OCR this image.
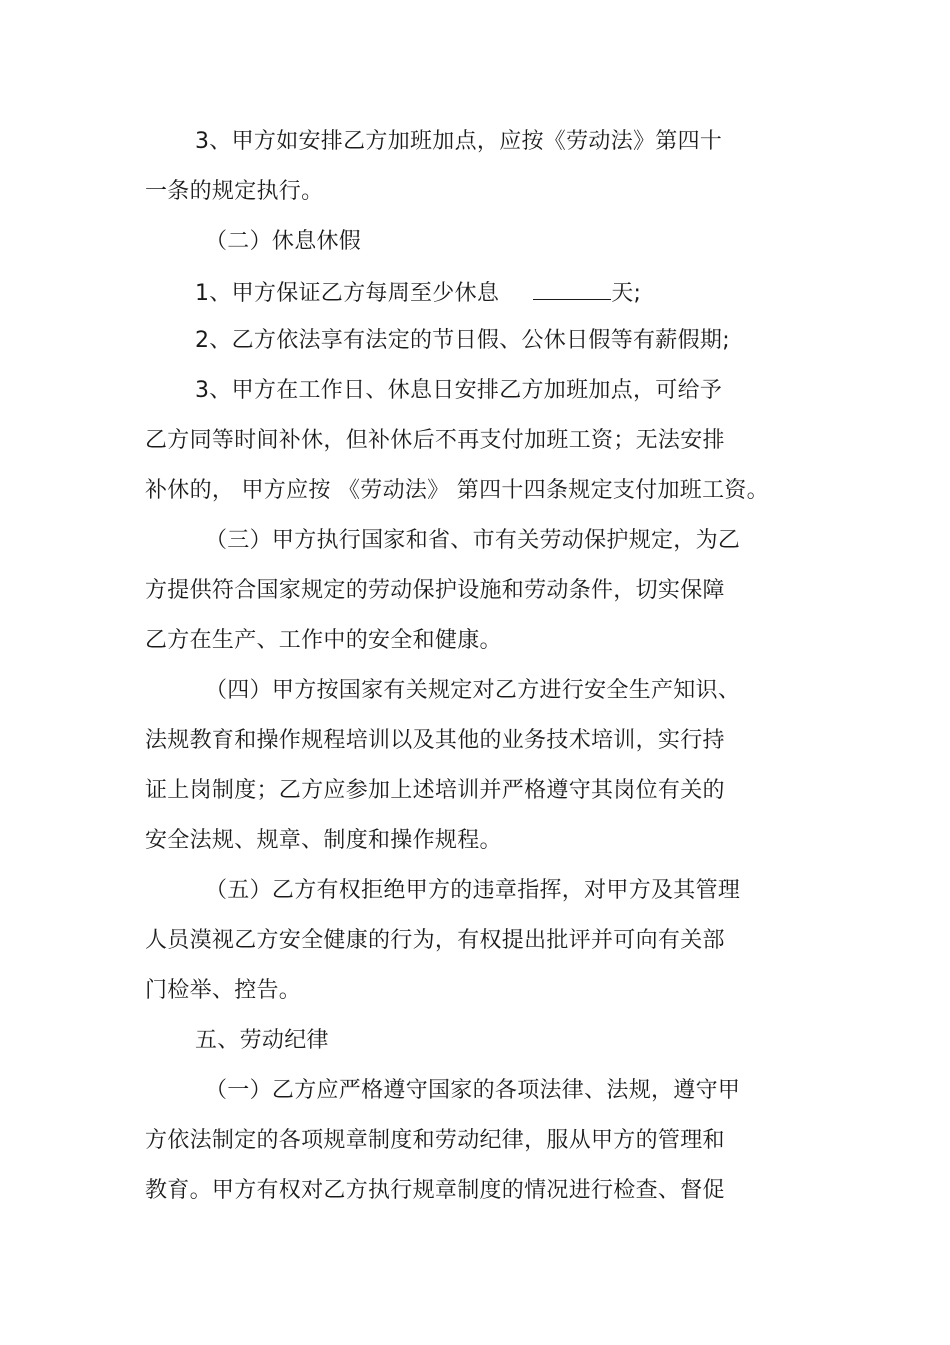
3、甲方如安排乙方加班加点，应按《劳动法》第四十
一条的规定执行。
（二）休息休假
1、甲方保证乙方每周至少休息	天;
2、乙方依法享有法定的节日假、公休日假等有薪假期;
3、甲方在工作日、休息日安排乙方加班加点，可给予
乙方同等时间补休，但补休后不再支付加班工资；无法安排
补休的， 甲方应按 《劳动法》 第四十四条规定支付加班工资。
（三）甲方执行国家和省、市有关劳动保护规定，为乙
方提供符合国家规定的劳动保护设施和劳动条件，切实保障
乙方在生产、工作中的安全和健康。
（四）甲方按国家有关规定对乙方进行安全生产知识、
法规教育和操作规程培训以及其他的业务技术培训，实行持
证上岗制度；乙方应参加上述培训并严格遵守其岗位有关的
安全法规、规章、制度和操作规程。
（五）乙方有权拒绝甲方的违章指挥，对甲方及其管理
人员漠视乙方安全健康的行为，有权提出批评并可向有关部
门检举、控告。
五、劳动纪律
（一）乙方应严格遵守国家的各项法律、法规，遵守甲
方依法制定的各项规章制度和劳动纪律，服从甲方的管理和
教育。甲方有权对乙方执行规章制度的情况进行检查、督促
